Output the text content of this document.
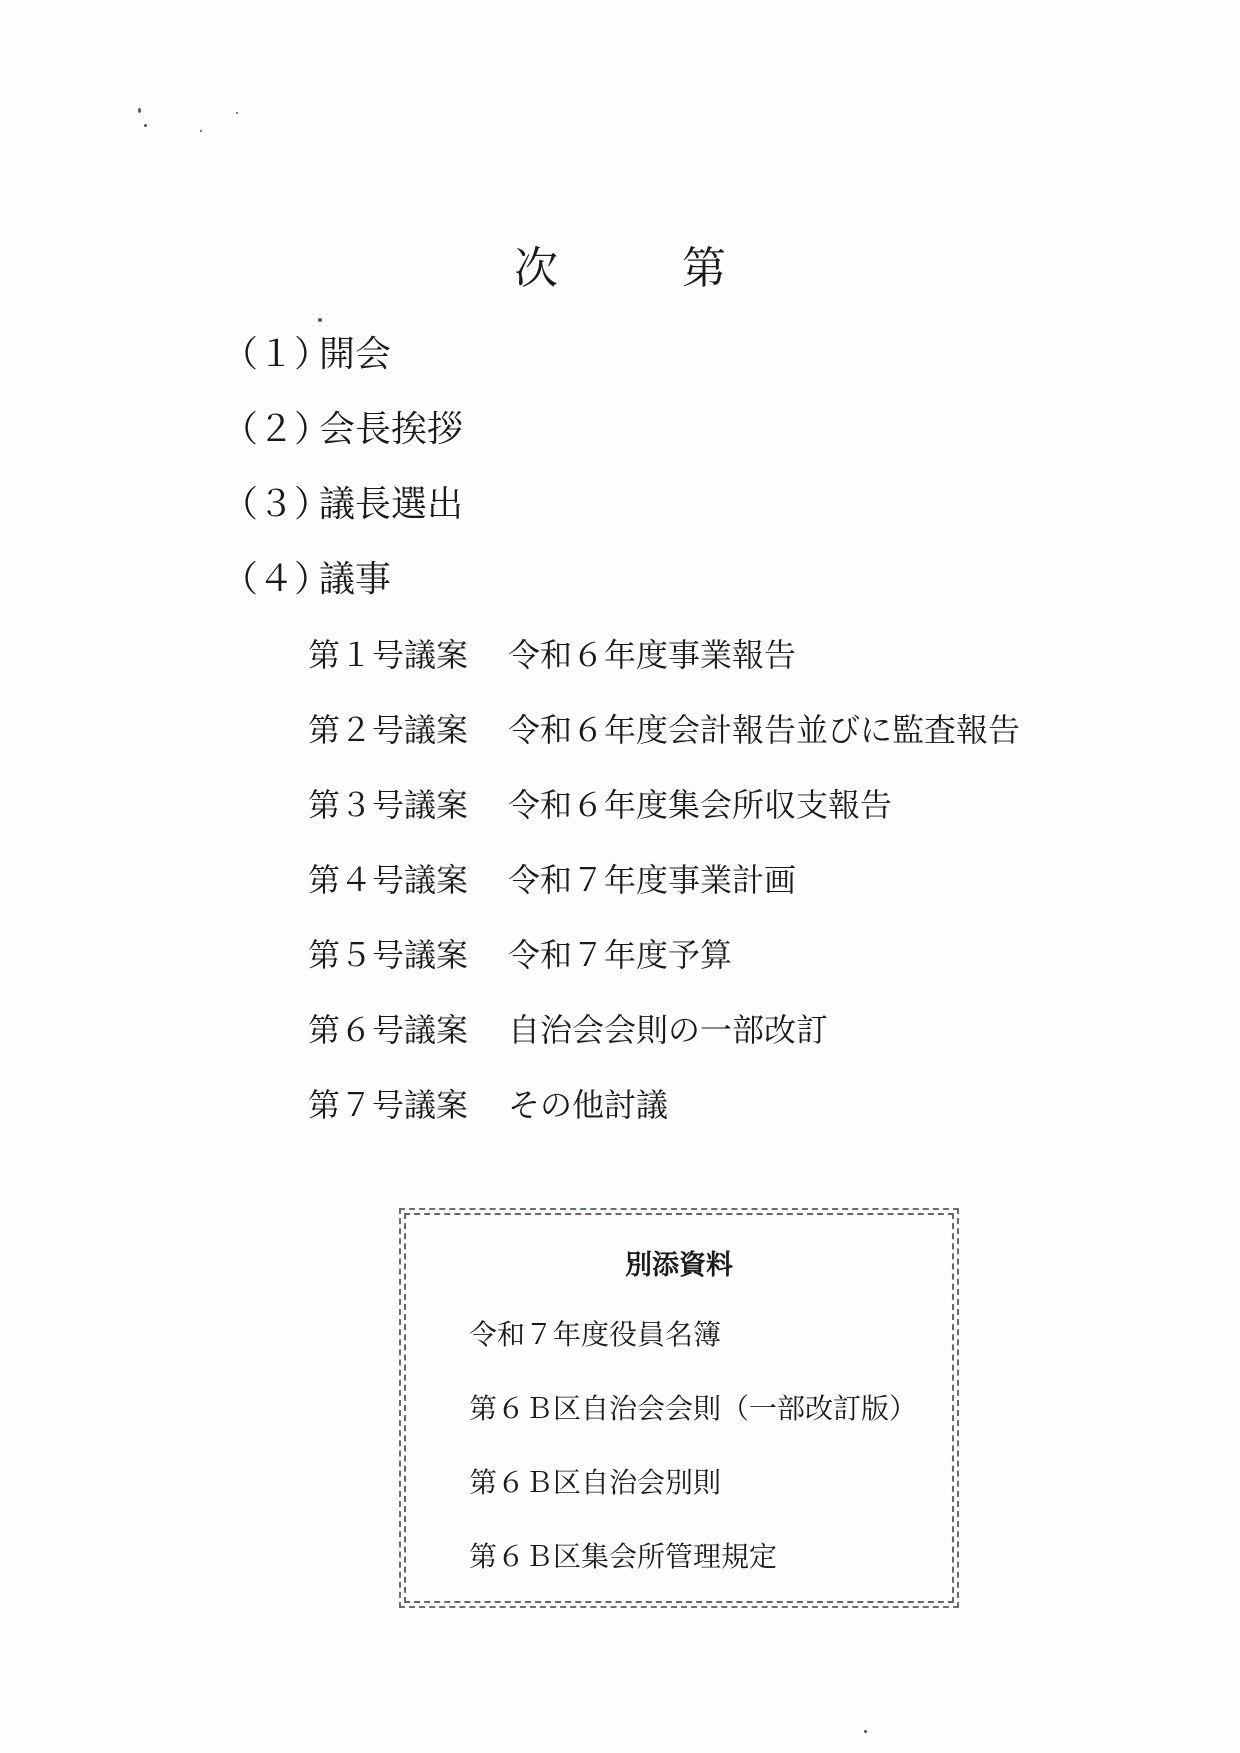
次　第
（１）
開会
（２）
会長挨拶
（３）
議長選出
（４）
議事
第１号議案	令和６年度事業報告
第２号議案	令和６年度会計報告並びに監査報告
第３号議案	令和６年度集会所収支報告
第４号議案	令和７年度事業計画
第５号議案	令和７年度予算
第６号議案	自治会会則の一部改訂
第７号議案	その他討議
別添資料
令和７年度役員名簿
第６Ｂ区自治会会則（一部改訂版）
第６Ｂ区自治会別則
第６Ｂ区集会所管理規定
